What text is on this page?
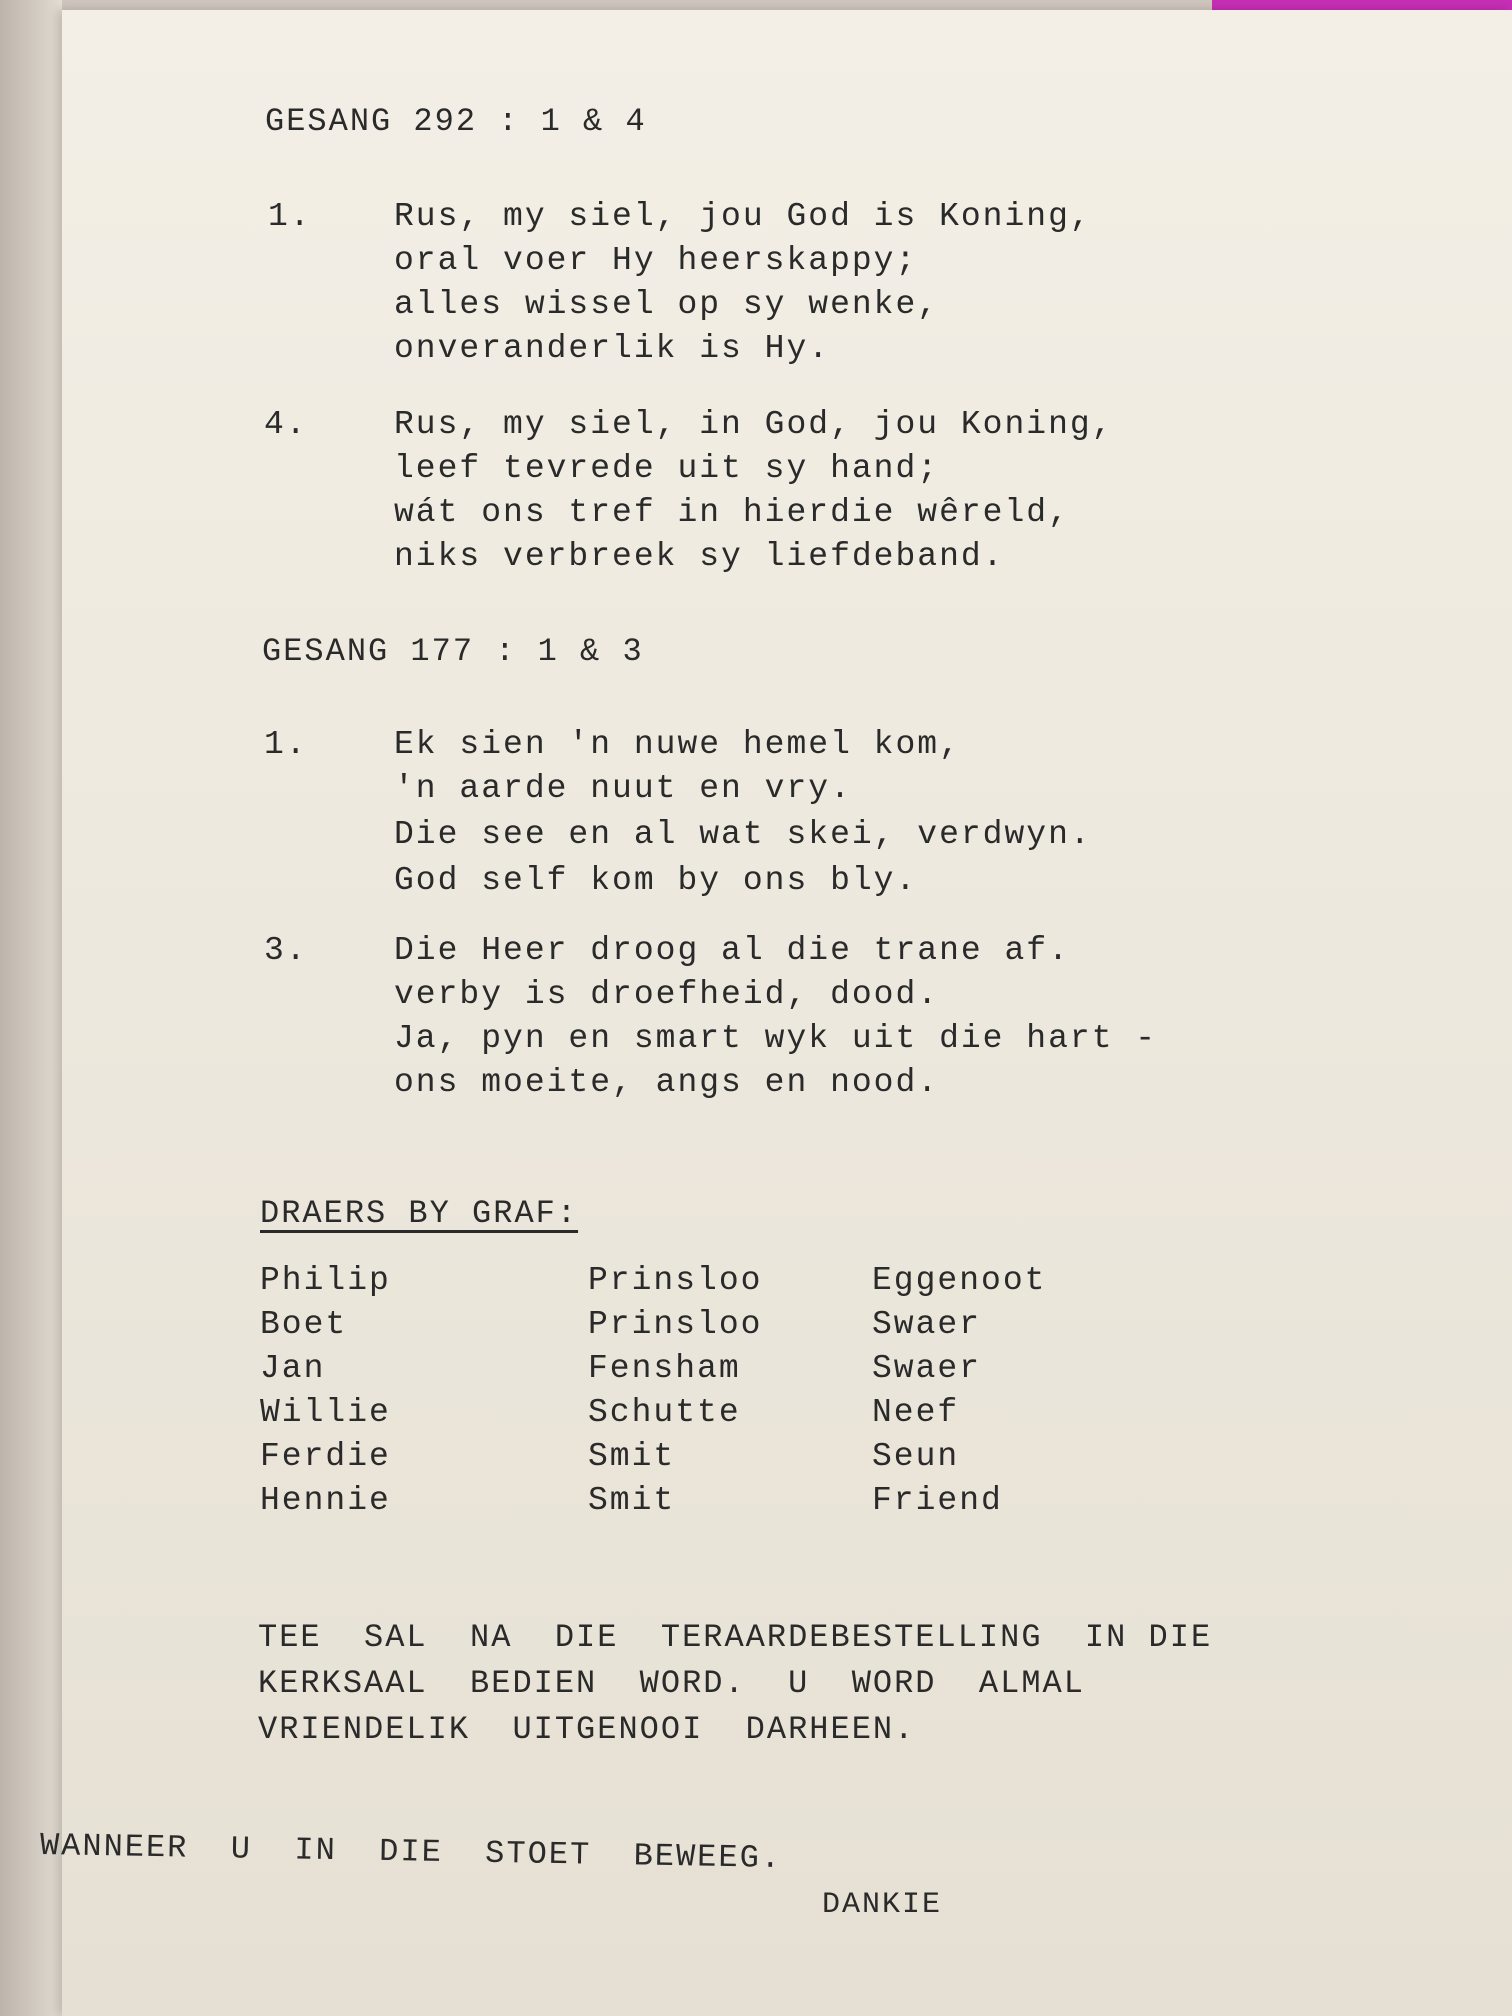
GESANG 292 : 1 & 4
1. Rus, my siel, jou God is Koning,
oral voer Hy heerskappy;
alles wissel op sy wenke,
onveranderlik is Hy.
4.	Rus, my siel, in God, jou Koning,
leef tevrede uit sy hand;
wát ons tref in hierdie wêreld,
niks verbreek sy liefdeband.
GESANG 177 : 1 & 3
1.	Ek sien 'n nuwe hemel kom,
'n aarde nuut en vry.
Die see en al wat skei, verdwyn.
God self kom by ons bly.
3.	Die Heer droog al die trane af.
verby is droefheid, dood.
Ja, pyn en smart wyk uit die hart -
ons moeite, angs en nood.
DRAERS BY GRAF:
Philip	Prinsloo	Eggenoot
Boet	Prinsloo	Swaer
Jan	Fensham	Swaer
Willie	Schutte	Neef
Ferdie	Smit	Seun
Hennie	Smit	Friend
TEE  SAL  NA  DIE  TERAARDEBESTELLING  IN DIE
KERKSAAL  BEDIEN  WORD.  U  WORD  ALMAL
VRIENDELIK  UITGENOOI  DARHEEN.
WANNEER  U  IN  DIE  STOET  BEWEEG.
DANKIE
